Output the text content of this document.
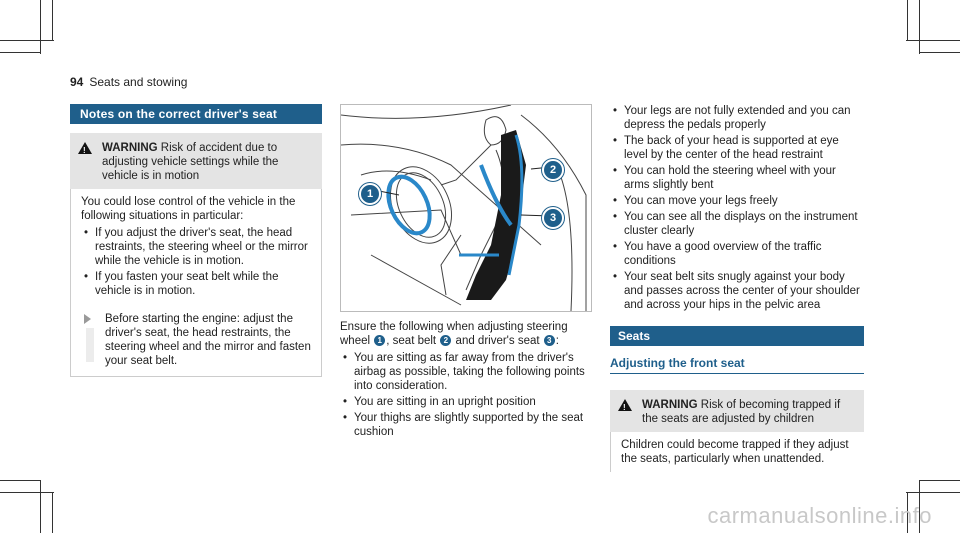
94 Seats and stowing
Notes on the correct driver's seat
!
WARNING Risk of accident due to adjusting vehicle settings while the vehicle is in motion
You could lose control of the vehicle in the following situations in particular:
• If you adjust the driver's seat, the head restraints, the steering wheel or the mirror while the vehicle is in motion.
• If you fasten your seat belt while the vehicle is in motion.
Before starting the engine: adjust the driver's seat, the head restraints, the steering wheel and the mirror and fasten your seat belt.
1
2
3
Ensure the following when adjusting steering wheel 1 , seat belt 2 and driver's seat 3 :
• You are sitting as far away from the driver's airbag as possible, taking the following points into consideration.
• You are sitting in an upright position
• Your thighs are slightly supported by the seat cushion
• Your legs are not fully extended and you can depress the pedals properly
• The back of your head is supported at eye level by the center of the head restraint
• You can hold the steering wheel with your arms slightly bent
• You can move your legs freely
• You can see all the displays on the instrument cluster clearly
• You have a good overview of the traffic conditions
• Your seat belt sits snugly against your body and passes across the center of your shoulder and across your hips in the pelvic area
Seats
Adjusting the front seat
!
WARNING Risk of becoming trapped if the seats are adjusted by children
Children could become trapped if they adjust the seats, particularly when unattended.
carmanualsonline.info
